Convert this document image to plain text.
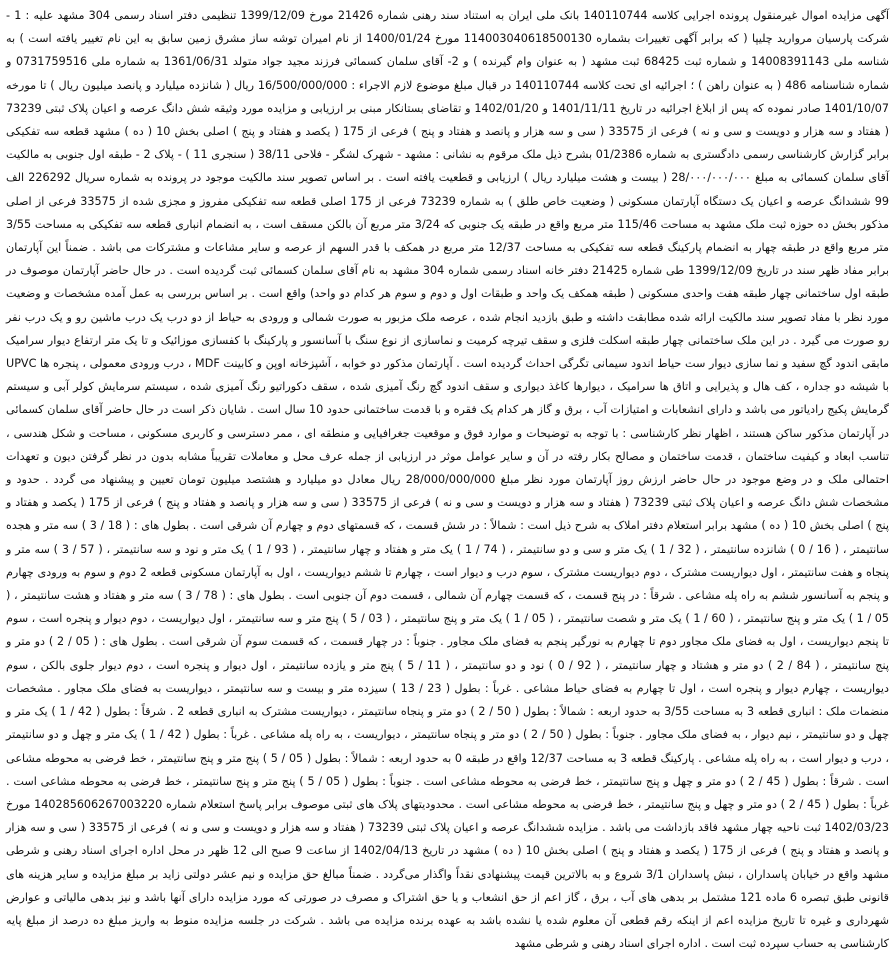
آگهی مزایده اموال غیرمنقول پرونده اجرایی کلاسه 140110744 بانک ملی ایران به استناد سند رهنی شماره 21426 مورخ 1399/12/09 تنظیمی دفتر اسناد رسمی 304 مشهد علیه : 1 - شرکت پارسیان مروارید چلیپا ( که برابر آگهی تغییرات بشماره 14003040618500130‏1 مورخ 1400/01/24 از نام امیران توشه ساز مشرق زمین سابق به این نام تغییر یافته است ) به شناسه ملی 14008391143 و شماره ثبت 68425 ثبت مشهد ( به عنوان وام گیرنده ) و 2- آقای سلمان کسمائی فرزند مجید جواد متولد 1361/06/31 به شماره ملی 0731759516 و شماره شناسنامه 486 ( به عنوان راهن ) ؛ اجرائیه ای تحت کلاسه 140110744 در قبال مبلغ موضوع لازم الاجراء : 16/500/000/000 ریال ( شانزده میلیارد و پانصد میلیون ریال ) تا مورخه 1401/10/07 صادر نموده که پس از ابلاغ اجرائیه در تاریخ 1401/11/11 و 1402/01/20 و تقاضای بستانکار مبنی بر ارزیابی و مزایده مورد وثیقه شش دانگ عرصه و اعیان پلاک ثبتی 73239 ( هفتاد و سه هزار و دویست و سی و نه ) فرعی از 33575 ( سی و سه هزار و پانصد و هفتاد و پنج ) فرعی از 175 ( یکصد و هفتاد و پنج ) اصلی بخش 10 ( ده ) مشهد قطعه سه تفکیکی برابر گزارش کارشناسی رسمی دادگستری به شماره 01/2386 بشرح ذیل ملک مرقوم به نشانی : مشهد - شهرک لشگر - فلاحی 38/11 ( سنجری 11 ) - پلاک 2 - طبقه اول جنوبی به مالکیت آقای سلمان کسمائی به مبلغ 28/۰۰۰/۰۰۰/۰۰۰ ( بیست و هشت میلیارد ریال ) ارزیابی و قطعیت یافته است . بر اساس تصویر سند مالکیت موجود در پرونده به شماره سریال 226292 الف 99 ششدانگ عرصه و اعیان یک دستگاه آپارتمان مسکونی ( وضعیت خاص طلق ) به شماره 73239 فرعی از 175 اصلی قطعه سه تفکیکی مفروز و مجزی شده از 33575 فرعی از اصلی مذکور بخش ده حوزه ثبت ملک مشهد به مساحت 115/46 متر مربع واقع در طبقه یک جنوبی که 3/24 متر مربع آن بالکن مسقف است ، به انضمام انباری قطعه سه تفکیکی به مساحت 3/55 متر مربع واقع در طبقه چهار به انضمام پارکینگ قطعه سه تفکیکی به مساحت 12/37 متر مربع در همکف با قدر السهم از عرصه و سایر مشاعات و مشترکات می باشد . ضمناً این آپارتمان برابر مفاد ظهر سند در تاریخ 1399/12/09 طی شماره 21425 دفتر خانه اسناد رسمی شماره 304 مشهد به نام آقای سلمان کسمائی ثبت گردیده است . در حال حاضر آپارتمان موصوف در طبقه اول ساختمانی چهار طبقه هفت واحدی مسکونی ( طبقه همکف یک واحد و طبقات اول و دوم و سوم هر کدام دو واحد) واقع است . بر اساس بررسی به عمل آمده مشخصات و وضعیت مورد نظر با مفاد تصویر سند مالکیت ارائه شده مطابقت داشته و طبق بازدید انجام شده ، عرصه ملک مزبور به صورت شمالی و ورودی به حیاط از دو درب یک درب ماشین رو و یک درب نفر رو صورت می گیرد . در این ملک ساختمانی چهار طبقه اسکلت فلزی و سقف تیرچه کرمیت و نماسازی از نوع سنگ با آسانسور و پارکینگ با کفسازی موزائیک و تا یک متر ارتفاع دیوار سرامیک مابقی اندود گچ سفید و نما سازی دیوار ست حیاط اندود سیمانی تگرگی احداث گردیده است . آپارتمان مذکور دو خوابه ، آشپزخانه اوپن و کابینت MDF ، درب ورودی معمولی ، پنجره ها UPVC با شیشه دو جداره ، کف هال و پذیرایی و اتاق ها سرامیک ، دیوارها کاغذ دیواری و سقف اندود گچ رنگ آمیزی شده ، سقف دکوراتیو رنگ آمیزی شده ، سیستم سرمایش کولر آبی و سیستم گرمایش پکیج رادیاتور می باشد و دارای انشعابات و امتیازات آب ، برق و گاز هر کدام یک فقره و با قدمت ساختمانی حدود 10 سال است . شایان ذکر است در حال حاضر آقای سلمان کسمائی در آپارتمان مذکور ساکن هستند ، اظهار نظر کارشناسی : با توجه به توضیحات و موارد فوق و موقعیت جغرافیایی و منطقه ای ، ممر دسترسی و کاربری مسکونی ، مساحت و شکل هندسی ، تناسب ابعاد و کیفیت ساختمان ، قدمت ساختمان و مصالح بکار رفته در آن و سایر عوامل موثر در ارزیابی از جمله عرف محل و معاملات تقریباً مشابه بدون در نظر گرفتن دیون و تعهدات احتمالی ملک و در وضع موجود در حال حاضر ارزش روز آپارتمان مورد نظر مبلغ 28/000/000/000 ریال معادل دو میلیارد و هشتصد میلیون تومان تعیین و پیشنهاد می گردد . حدود و مشخصات شش دانگ عرصه و اعیان پلاک ثبتی 73239 ( هفتاد و سه هزار و دویست و سی و نه ) فرعی از 33575 ( سی و سه هزار و پانصد و هفتاد و پنج ) فرعی از 175 ( یکصد و هفتاد و پنج ) اصلی بخش 10 ( ده ) مشهد برابر استعلام دفتر املاک به شرح ذیل است : شمالاً : در شش قسمت ، که قسمتهای دوم و چهارم آن شرقی است . بطول های : ( 18 / 3 ) سه متر و هجده سانتیمتر ، ( 16 / 0 ) شانزده سانتیمتر ، ( 32 / 1 ) یک متر و سی و دو سانتیمتر ، ( 74 / 1 ) یک متر و هفتاد و چهار سانتیمتر ، ( 93 / 1 ) یک متر و نود و سه سانتیمتر ، ( 57 / 3 ) سه متر و پنجاه و هفت سانتیمتر ، اول دیواریست مشترک ، دوم دیواریست مشترک ، سوم درب و دیوار است ، چهارم تا ششم دیواریست ، اول به آپارتمان مسکونی قطعه 2 دوم و سوم به ورودی چهارم و پنجم به آسانسور ششم به راه پله مشاعی . شرقاً : در پنج قسمت ، که قسمت چهارم آن شمالی ، قسمت دوم آن جنوبی است . بطول های : ( 78 / 3 ) سه متر و هفتاد و هشت سانتیمتر ، ( 05 / 1 ) یک متر و پنج سانتیمتر ، ( 60 / 1 ) یک متر و شصت سانتیمتر ، ( 05 / 1 ) یک متر و پنج سانتیمتر ، ( 03 / 5 ) پنج متر و سه سانتیمتر ، اول دیواریست ، دوم دیوار و پنجره است ، سوم تا پنجم دیواریست ، اول به فضای ملک مجاور دوم تا چهارم به نورگیر پنجم به فضای ملک مجاور . جنوباً : در چهار قسمت ، که قسمت سوم آن شرقی است . بطول های : ( 05 / 2 ) دو متر و پنج سانتیمتر ، ( 84 / 2 ) دو متر و هشتاد و چهار سانتیمتر ، ( 92 / 0 ) نود و دو سانتیمتر ، ( 11 / 5 ) پنج متر و یازده سانتیمتر ، اول دیوار و پنجره است ، دوم دیوار جلوی بالکن ، سوم دیواریست ، چهارم دیوار و پنجره است ، اول تا چهارم به فضای حیاط مشاعی . غرباً : بطول ( 23 / 13 ) سیزده متر و بیست و سه سانتیمتر ، دیواریست به فضای ملک مجاور . مشخصات منضمات ملک : انباری قطعه 3 به مساحت 3/55 به حدود اربعه : شمالاً : بطول ( 50 / 2 ) دو متر و پنجاه سانتیمتر ، دیواریست مشترک به انباری قطعه 2 . شرقاً : بطول ( 42 / 1 ) یک متر و چهل و دو سانتیمتر ، نیم دیوار ، به فضای ملک مجاور . جنوباً : بطول ( 50 / 2 ) دو متر و پنجاه سانتیمتر ، دیواریست ، به راه پله مشاعی . غرباً : بطول ( 42 / 1 ) یک متر و چهل و دو سانتیمتر ، درب و دیوار است ، به راه پله مشاعی . پارکینگ قطعه 3 به مساحت 12/37 واقع در طبقه 0 به حدود اربعه : شمالاً : بطول ( 05 / 5 ) پنج متر و پنج سانتیمتر ، خط فرضی به محوطه مشاعی است . شرقاً : بطول ( 45 / 2 ) دو متر و چهل و پنج سانتیمتر ، خط فرضی به محوطه مشاعی است . جنوباً : بطول ( 05 / 5 ) پنج متر و پنج سانتیمتر ، خط فرضی به محوطه مشاعی است . غرباً : بطول ( 45 / 2 ) دو متر و چهل و پنج سانتیمتر ، خط فرضی به محوطه مشاعی است . محدودیتهای پلاک های ثبتی موصوف برابر پاسخ استعلام شماره 140285606267003220 مورخ 1402/03/23 ثبت ناحیه چهار مشهد فاقد بازداشت می باشد . مزایده ششدانگ عرصه و اعیان پلاک ثبتی 73239 ( هفتاد و سه هزار و دویست و سی و نه ) فرعی از 33575 ( سی و سه هزار و پانصد و هفتاد و پنج ) فرعی از 175 ( یکصد و هفتاد و پنج ) اصلی بخش 10 ( ده ) مشهد در تاریخ 1402/04/13 از ساعت 9 صبح الی 12 ظهر در محل اداره اجرای اسناد رهنی و شرطی مشهد واقع در خیابان پاسداران ، نبش پاسداران 3/1 شروع و به بالاترین قیمت پیشنهادی نقداً واگذار می‌گردد . ضمناً مبالغ حق مزایده و نیم عشر دولتی زاید بر مبلغ مزایده و سایر هزینه های قانونی طبق تبصره 6 ماده 121 مشتمل بر بدهی های آب ، برق ، گاز اعم از حق انشعاب و یا حق اشتراک و مصرف در صورتی که مورد مزایده دارای آنها باشد و نیز بدهی مالیاتی و عوارض شهرداری و غیره تا تاریخ مزایده اعم از اینکه رقم قطعی آن معلوم شده یا نشده باشد به عهده برنده مزایده می باشد . شرکت در جلسه مزایده منوط به واریز مبلغ ده درصد از مبلغ پایه کارشناسی به حساب سپرده ثبت است . اداره اجرای اسناد رهنی و شرطی مشهد
